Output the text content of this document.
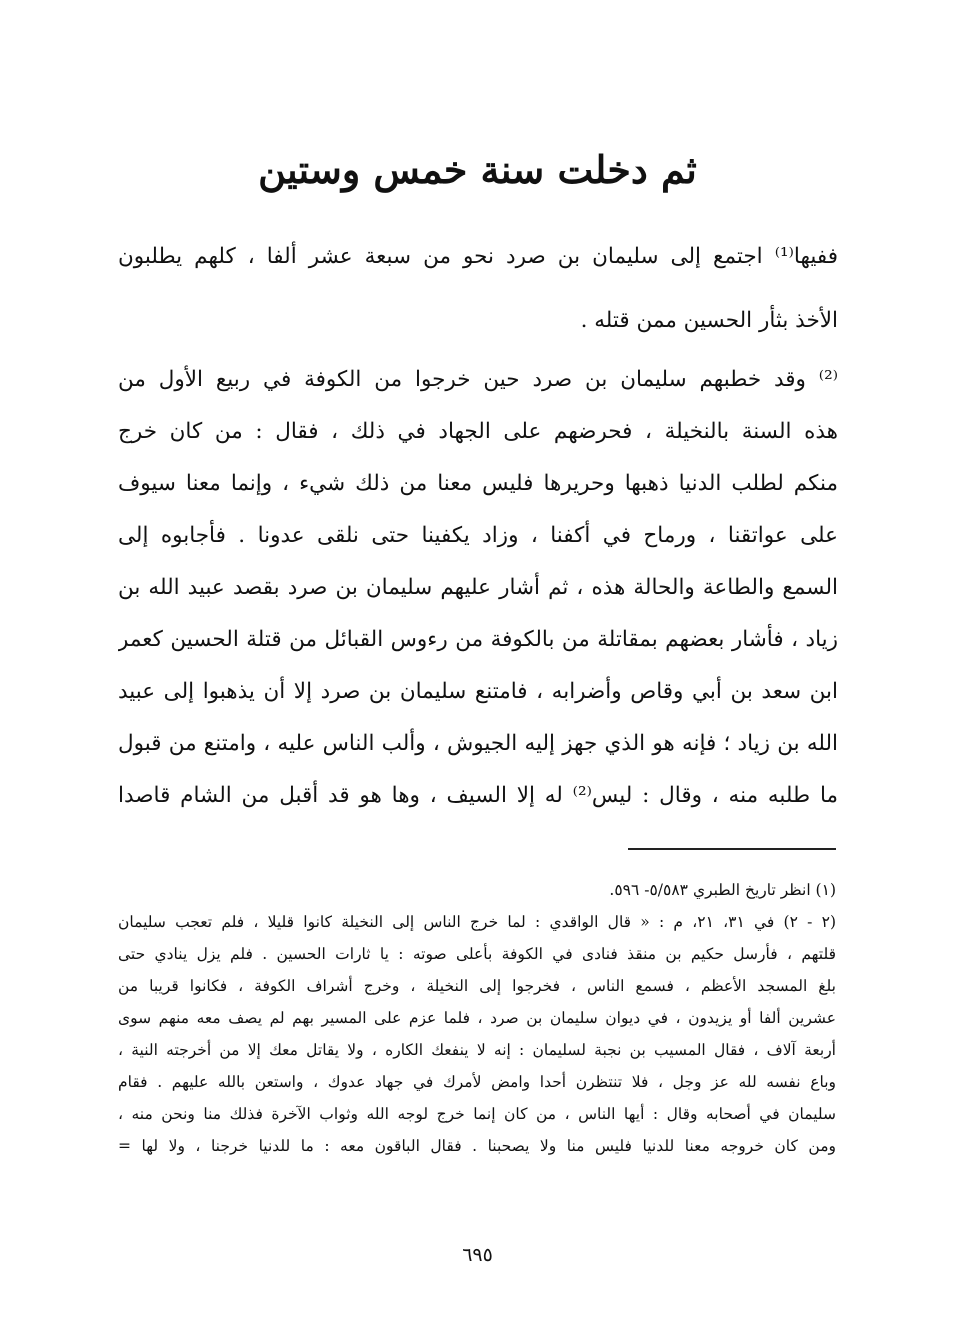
ثم دخلت سنة خمس وستين
ففيها⁽¹⁾ اجتمع إلى سليمان بن صرد نحو من سبعة عشر ألفا ، كلهم يطلبون
الأخذ بثأر الحسين ممن قتله .
⁽²⁾ وقد خطبهم سليمان بن صرد حين خرجوا من الكوفة في ربيع الأول من
هذه السنة بالنخيلة ، فحرضهم على الجهاد في ذلك ، فقال : من كان خرج
منكم لطلب الدنيا ذهبها وحريرها فليس معنا من ذلك شيء ، وإنما معنا سيوف
على عواتقنا ، ورماح في أكفنا ، وزاد يكفينا حتى نلقى عدونا . فأجابوه إلى
السمع والطاعة والحالة هذه ، ثم أشار عليهم سليمان بن صرد بقصد عبيد الله بن
زياد ، فأشار بعضهم بمقاتلة من بالكوفة من رءوس القبائل من قتلة الحسين كعمر
ابن سعد بن أبي وقاص وأضرابه ، فامتنع سليمان بن صرد إلا أن يذهبوا إلى عبيد
الله بن زياد ؛ فإنه هو الذي جهز إليه الجيوش ، وألب الناس عليه ، وامتنع من قبول
ما طلبه منه ، وقال : ليس⁽²⁾ له إلا السيف ، وها هو قد أقبل من الشام قاصدا
(١) انظر تاريخ الطبري ٥/٥٨٣- ٥٩٦.
(٢ - ٢) في ٣١، ٢١، م : « قال الواقدي : لما خرج الناس إلى النخيلة كانوا قليلا ، فلم تعجب سليمان
قلتهم ، فأرسل حكيم بن منقذ فنادى في الكوفة بأعلى صوته : يا ثارات الحسين . فلم يزل ينادي حتى
بلغ المسجد الأعظم ، فسمع الناس ، فخرجوا إلى النخيلة ، وخرج أشراف الكوفة ، فكانوا قريبا من
عشرين ألفا أو يزيدون ، في ديوان سليمان بن صرد ، فلما عزم على المسير بهم لم يصف معه منهم سوى
أربعة آلاف ، فقال المسيب بن نجبة لسليمان : إنه لا ينفعك الكاره ، ولا يقاتل معك إلا من أخرجته النية ،
وباع نفسه لله عز وجل ، فلا تنتظرن أحدا وامض لأمرك في جهاد عدوك ، واستعن بالله عليهم . فقام
سليمان في أصحابه وقال : أيها الناس ، من كان إنما خرج لوجه الله وثواب الآخرة فذلك منا ونحن منه ،
ومن كان خروجه معنا للدنيا فليس منا ولا يصحبنا . فقال الباقون معه : ما للدنيا خرجنا ، ولا لها =
٦٩٥
